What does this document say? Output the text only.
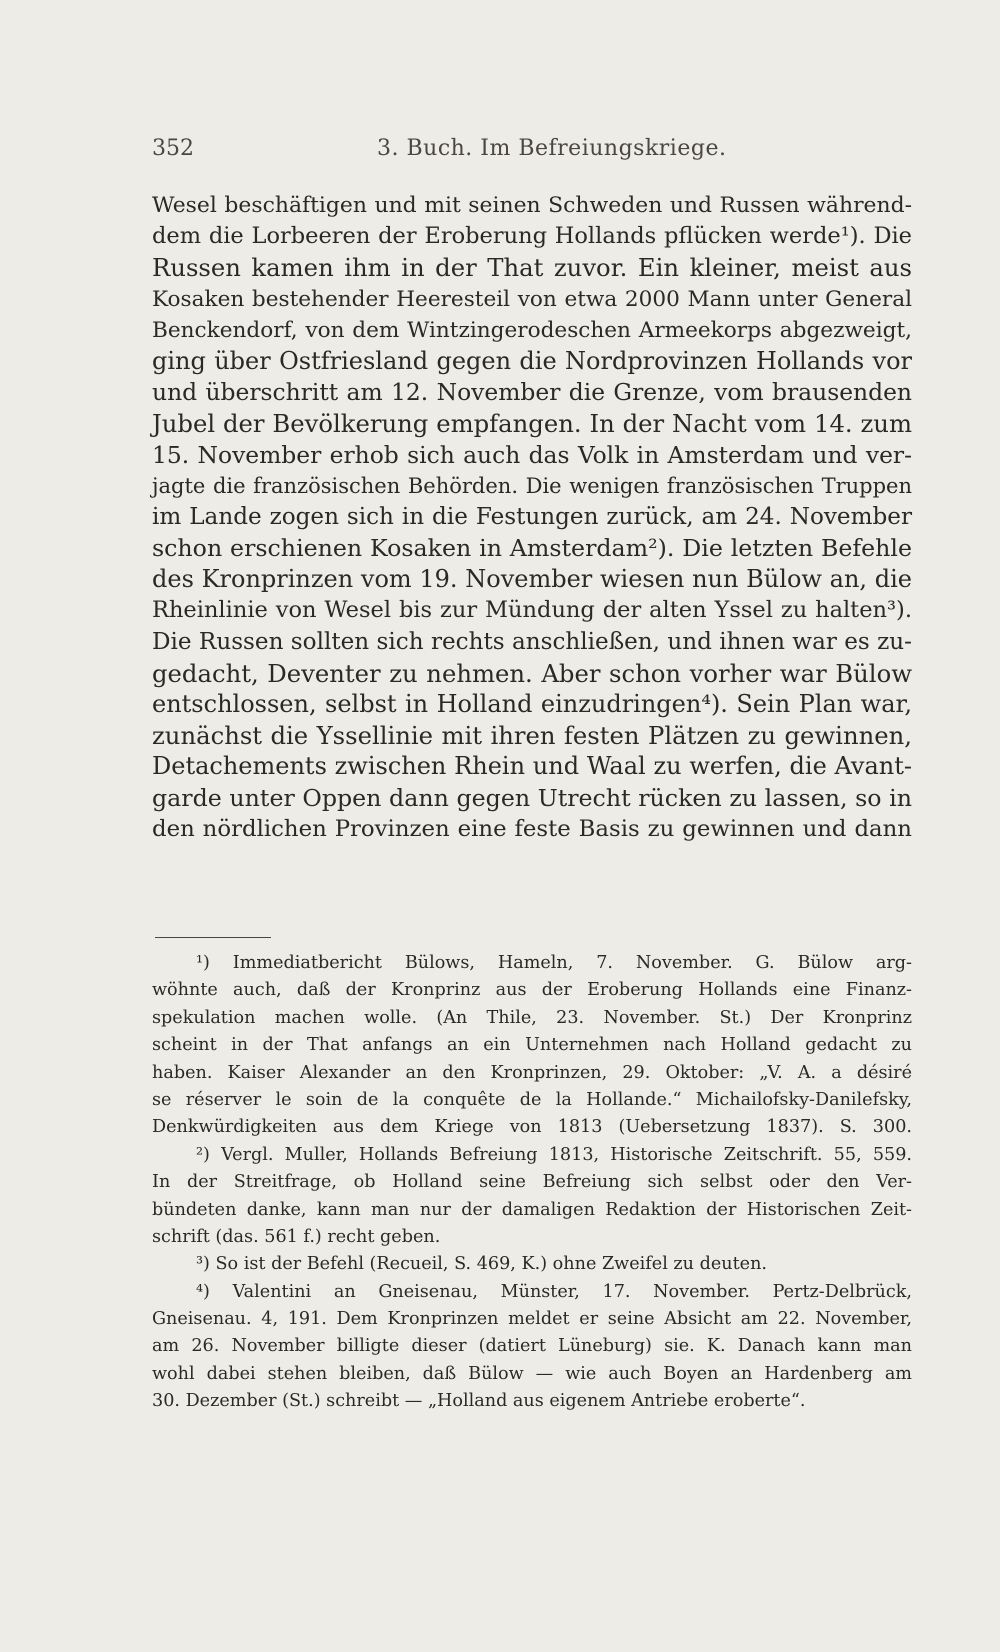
352	3. Buch. Im Befreiungskriege.
Wesel beschäftigen und mit seinen Schweden und Russen während-
dem die Lorbeeren der Eroberung Hollands pflücken werde¹). Die
Russen kamen ihm in der That zuvor. Ein kleiner, meist aus
Kosaken bestehender Heeresteil von etwa 2000 Mann unter General
Benckendorf, von dem Wintzingerodeschen Armeekorps abgezweigt,
ging über Ostfriesland gegen die Nordprovinzen Hollands vor
und überschritt am 12. November die Grenze, vom brausenden
Jubel der Bevölkerung empfangen. In der Nacht vom 14. zum
15. November erhob sich auch das Volk in Amsterdam und ver-
jagte die französischen Behörden. Die wenigen französischen Truppen
im Lande zogen sich in die Festungen zurück, am 24. November
schon erschienen Kosaken in Amsterdam²). Die letzten Befehle
des Kronprinzen vom 19. November wiesen nun Bülow an, die
Rheinlinie von Wesel bis zur Mündung der alten Yssel zu halten³).
Die Russen sollten sich rechts anschließen, und ihnen war es zu-
gedacht, Deventer zu nehmen. Aber schon vorher war Bülow
entschlossen, selbst in Holland einzudringen⁴). Sein Plan war,
zunächst die Yssellinie mit ihren festen Plätzen zu gewinnen,
Detachements zwischen Rhein und Waal zu werfen, die Avant-
garde unter Oppen dann gegen Utrecht rücken zu lassen, so in
den nördlichen Provinzen eine feste Basis zu gewinnen und dann
¹) Immediatbericht Bülows, Hameln, 7. November. G. Bülow arg-
wöhnte auch, daß der Kronprinz aus der Eroberung Hollands eine Finanz-
spekulation machen wolle. (An Thile, 23. November. St.) Der Kronprinz
scheint in der That anfangs an ein Unternehmen nach Holland gedacht zu
haben. Kaiser Alexander an den Kronprinzen, 29. Oktober: „V. A. a désiré
se réserver le soin de la conquête de la Hollande.“ Michailofsky-Danilefsky,
Denkwürdigkeiten aus dem Kriege von 1813 (Uebersetzung 1837). S. 300.
²) Vergl. Muller, Hollands Befreiung 1813, Historische Zeitschrift. 55, 559.
In der Streitfrage, ob Holland seine Befreiung sich selbst oder den Ver-
bündeten danke, kann man nur der damaligen Redaktion der Historischen Zeit-
schrift (das. 561 f.) recht geben.
³) So ist der Befehl (Recueil, S. 469, K.) ohne Zweifel zu deuten.
⁴) Valentini an Gneisenau, Münster, 17. November. Pertz-Delbrück,
Gneisenau. 4, 191. Dem Kronprinzen meldet er seine Absicht am 22. November,
am 26. November billigte dieser (datiert Lüneburg) sie. K. Danach kann man
wohl dabei stehen bleiben, daß Bülow — wie auch Boyen an Hardenberg am
30. Dezember (St.) schreibt — „Holland aus eigenem Antriebe eroberte“.
